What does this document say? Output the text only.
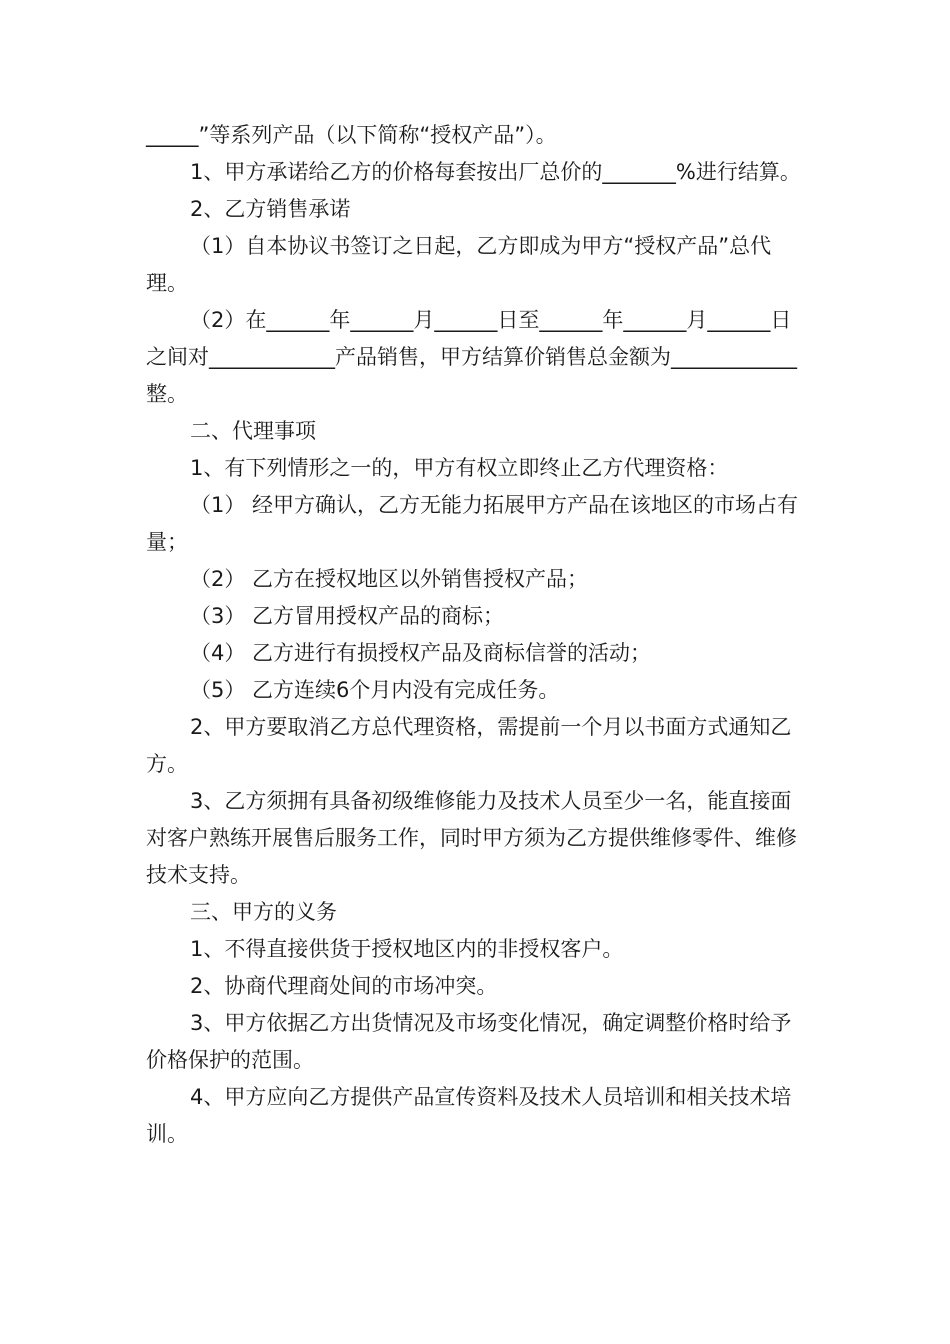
_____”等系列产品（以下简称“授权产品”）。

1、甲方承诺给乙方的价格每套按出厂总价的_______%进行结算。

2、乙方销售承诺

（1）自本协议书签订之日起，乙方即成为甲方“授权产品”总代理。

（2）在______年______月______日至______年______月______日之间对____________产品销售，甲方结算价销售总金额为____________整。

二、代理事项

1、有下列情形之一的，甲方有权立即终止乙方代理资格：

（1） 经甲方确认，乙方无能力拓展甲方产品在该地区的市场占有量；

（2） 乙方在授权地区以外销售授权产品；

（3） 乙方冒用授权产品的商标；

（4） 乙方进行有损授权产品及商标信誉的活动；

（5） 乙方连续6个月内没有完成任务。

2、甲方要取消乙方总代理资格，需提前一个月以书面方式通知乙方。

3、乙方须拥有具备初级维修能力及技术人员至少一名，能直接面对客户熟练开展售后服务工作，同时甲方须为乙方提供维修零件、维修技术支持。

三、甲方的义务

1、不得直接供货于授权地区内的非授权客户。

2、协商代理商处间的市场冲突。

3、甲方依据乙方出货情况及市场变化情况，确定调整价格时给予价格保护的范围。

4、甲方应向乙方提供产品宣传资料及技术人员培训和相关技术培训。
